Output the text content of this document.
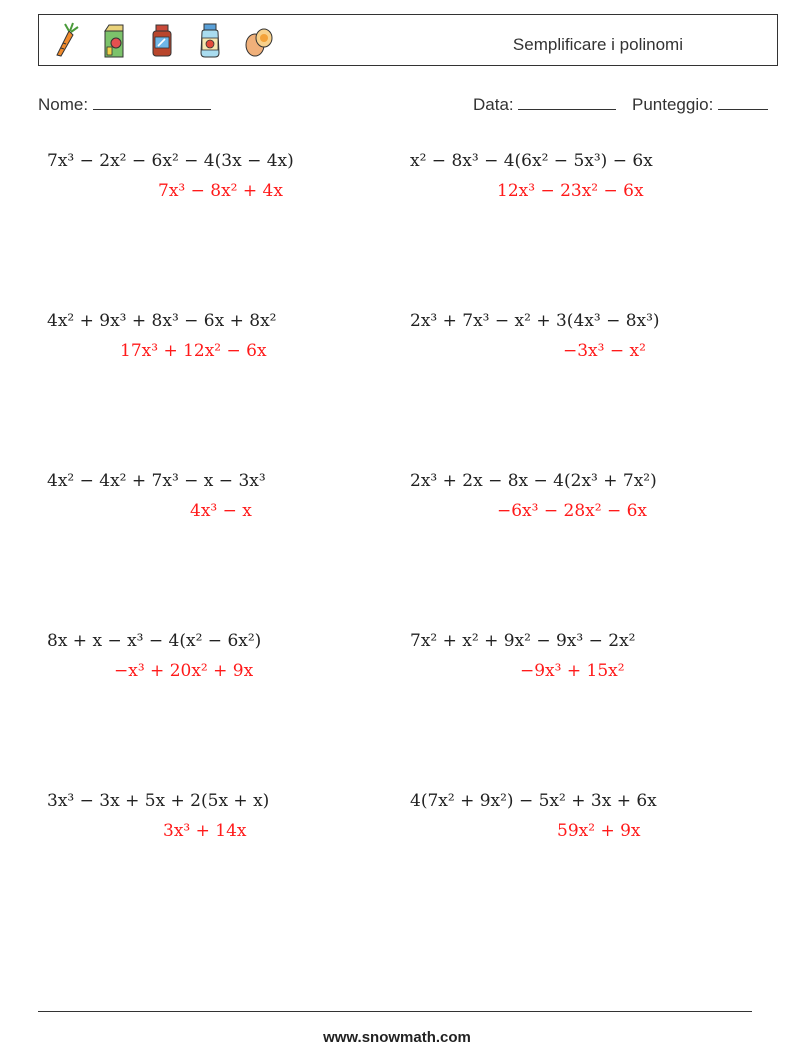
Semplificare i polinomi
Nome:	Data:	Punteggio:
7x³ − 2x² − 6x² − 4(3x − 4x)
7x³ − 8x² + 4x
x² − 8x³ − 4(6x² − 5x³) − 6x
12x³ − 23x² − 6x
4x² + 9x³ + 8x³ − 6x + 8x²
17x³ + 12x² − 6x
2x³ + 7x³ − x² + 3(4x³ − 8x³)
−3x³ − x²
4x² − 4x² + 7x³ − x − 3x³
4x³ − x
2x³ + 2x − 8x − 4(2x³ + 7x²)
−6x³ − 28x² − 6x
8x + x − x³ − 4(x² − 6x²)
−x³ + 20x² + 9x
7x² + x² + 9x² − 9x³ − 2x²
−9x³ + 15x²
3x³ − 3x + 5x + 2(5x + x)
3x³ + 14x
4(7x² + 9x²) − 5x² + 3x + 6x
59x² + 9x
www.snowmath.com
